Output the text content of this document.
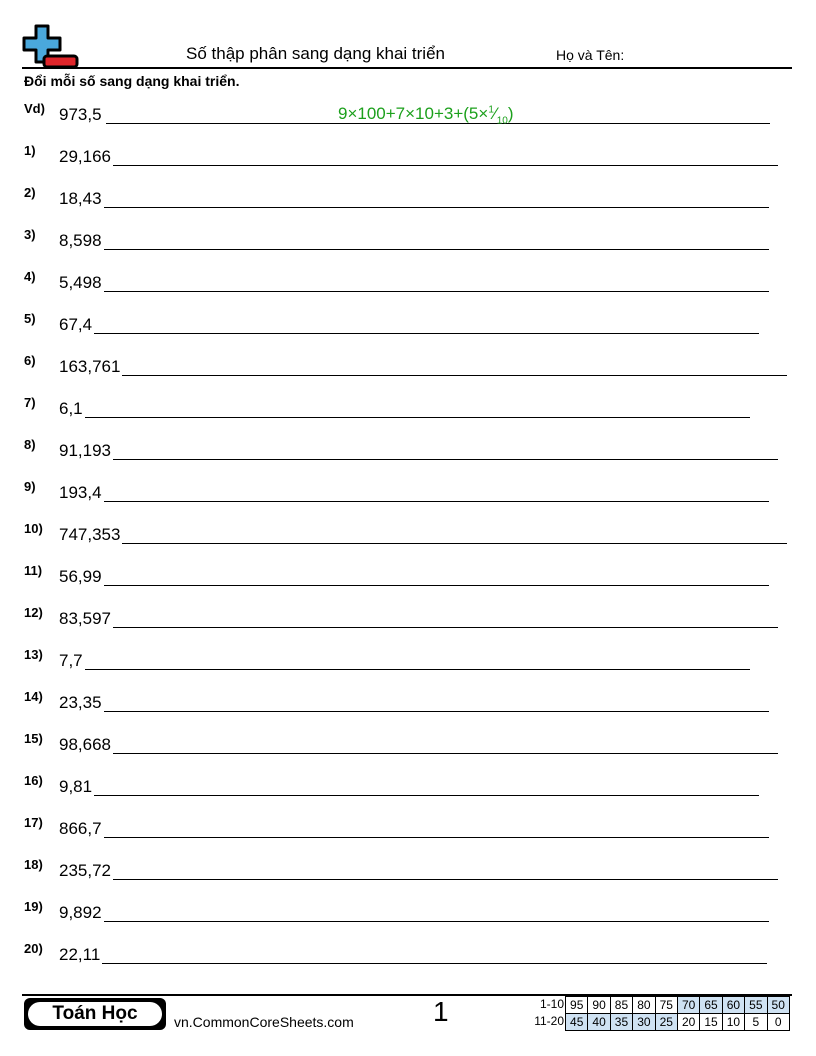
Số thập phân sang dạng khai triển	Họ và Tên:
Đổi mỗi số sang dạng khai triển.
Vd) 973,5	$9\times 100+7\times 10+3+(5\times^1⁄_{10})$
1)	29,166
2)	18,43
3)	8,598
4)	5,498
5)	67,4
6)	163,761
7)	6,1
8)	91,193
9)	193,4
10) 747,353
11) 56,99
12) 83,597
13) 7,7
14) 23,35
15) 98,668
16) 9,81
17) 866,7
18) 235,72
19) 9,892
20) 22,11
Toán Học	vn.CommonCoreSheets.com	1	1-10 95 90 85 80 75 70 65 60 55 50
11-20 45 40 35 30 25 20 15 10	5	0
